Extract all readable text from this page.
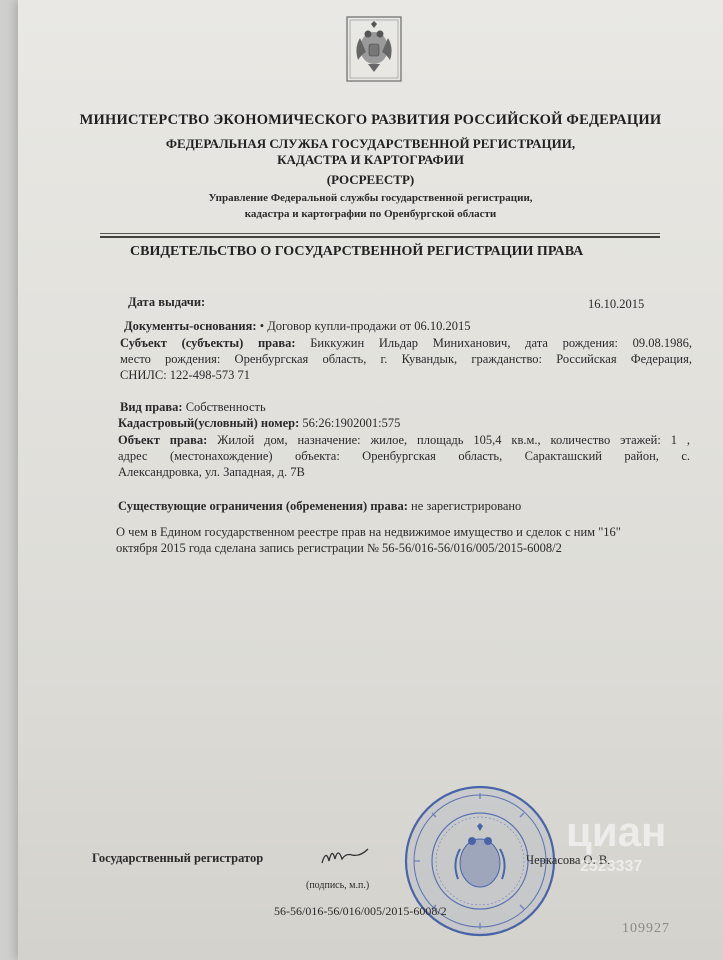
МИНИСТЕРСТВО ЭКОНОМИЧЕСКОГО РАЗВИТИЯ РОССИЙСКОЙ ФЕДЕРАЦИИ
ФЕДЕРАЛЬНАЯ СЛУЖБА ГОСУДАРСТВЕННОЙ РЕГИСТРАЦИИ,
КАДАСТРА И КАРТОГРАФИИ
(РОСРЕЕСТР)
Управление Федеральной службы государственной регистрации,
кадастра и картографии по Оренбургской области
СВИДЕТЕЛЬСТВО О ГОСУДАРСТВЕННОЙ РЕГИСТРАЦИИ ПРАВА
Дата выдачи:	16.10.2015
Документы-основания: • Договор купли-продажи от 06.10.2015
Субъект (субъекты) права: Биккужин Ильдар Миниханович, дата рождения: 09.08.1986,
место рождения: Оренбургская область, г. Кувандык, гражданство: Российская Федерация,
СНИЛС: 122-498-573 71
Вид права: Собственность
Кадастровый(условный) номер: 56:26:1902001:575
Объект права: Жилой дом, назначение: жилое, площадь 105,4 кв.м., количество этажей: 1 ,
адрес (местонахождение) объекта: Оренбургская область, Саракташский район, с.
Александровка, ул. Западная, д. 7В
Существующие ограничения (обременения) права: не зарегистрировано
О чем в Едином государственном реестре прав на недвижимое имущество и сделок с ним "16"
октября 2015 года сделана запись регистрации № 56-56/016-56/016/005/2015-6008/2
Государственный регистратор	Черкасова О. В.
(подпись, м.п.)
56-56/016-56/016/005/2015-6008/2
109927
циан
2523337
